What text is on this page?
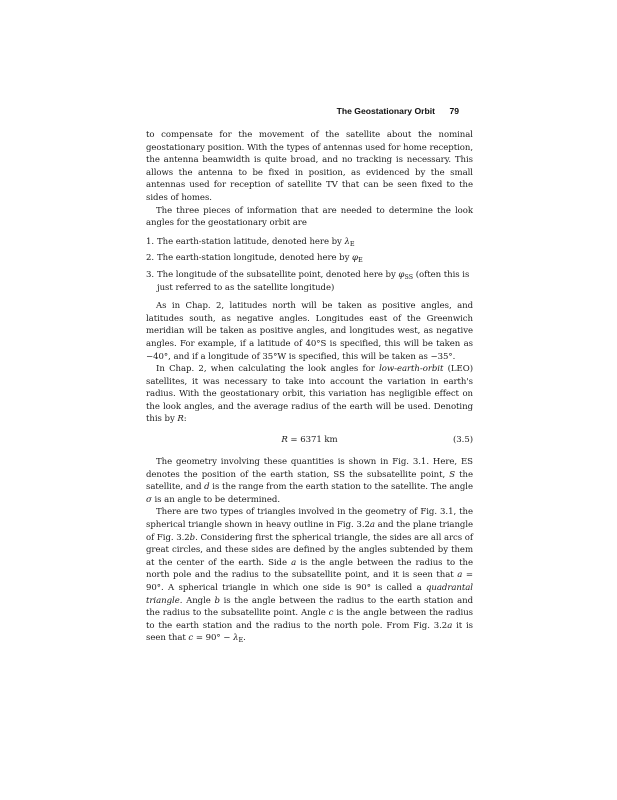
The Geostationary Orbit 79

to compensate for the movement of the satellite about the nominal geostationary position. With the types of antennas used for home reception, the antenna beamwidth is quite broad, and no tracking is necessary. This allows the antenna to be fixed in position, as evidenced by the small antennas used for reception of satellite TV that can be seen fixed to the sides of homes.

The three pieces of information that are needed to determine the look angles for the geostationary orbit are

1. The earth-station latitude, denoted here by $\lambda_E$
2. The earth-station longitude, denoted here by $\varphi_E$
3. The longitude of the subsatellite point, denoted here by $\varphi_{SS}$ (often this is just referred to as the satellite longitude)

As in Chap. 2, latitudes north will be taken as positive angles, and latitudes south, as negative angles. Longitudes east of the Greenwich meridian will be taken as positive angles, and longitudes west, as negative angles. For example, if a latitude of 40°S is specified, this will be taken as −40°, and if a longitude of 35°W is specified, this will be taken as −35°.

In Chap. 2, when calculating the look angles for low-earth-orbit (LEO) satellites, it was necessary to take into account the variation in earth's radius. With the geostationary orbit, this variation has negligible effect on the look angles, and the average radius of the earth will be used. Denoting this by R:

R = 6371 km	(3.5)

The geometry involving these quantities is shown in Fig. 3.1. Here, ES denotes the position of the earth station, SS the subsatellite point, S the satellite, and d is the range from the earth station to the satellite. The angle σ is an angle to be determined.

There are two types of triangles involved in the geometry of Fig. 3.1, the spherical triangle shown in heavy outline in Fig. 3.2a and the plane triangle of Fig. 3.2b. Considering first the spherical triangle, the sides are all arcs of great circles, and these sides are defined by the angles subtended by them at the center of the earth. Side a is the angle between the radius to the north pole and the radius to the subsatellite point, and it is seen that a = 90°. A spherical triangle in which one side is 90° is called a quadrantal triangle. Angle b is the angle between the radius to the earth station and the radius to the subsatellite point. Angle c is the angle between the radius to the earth station and the radius to the north pole. From Fig. 3.2a it is seen that $c = 90^\circ - \lambda_E$.
